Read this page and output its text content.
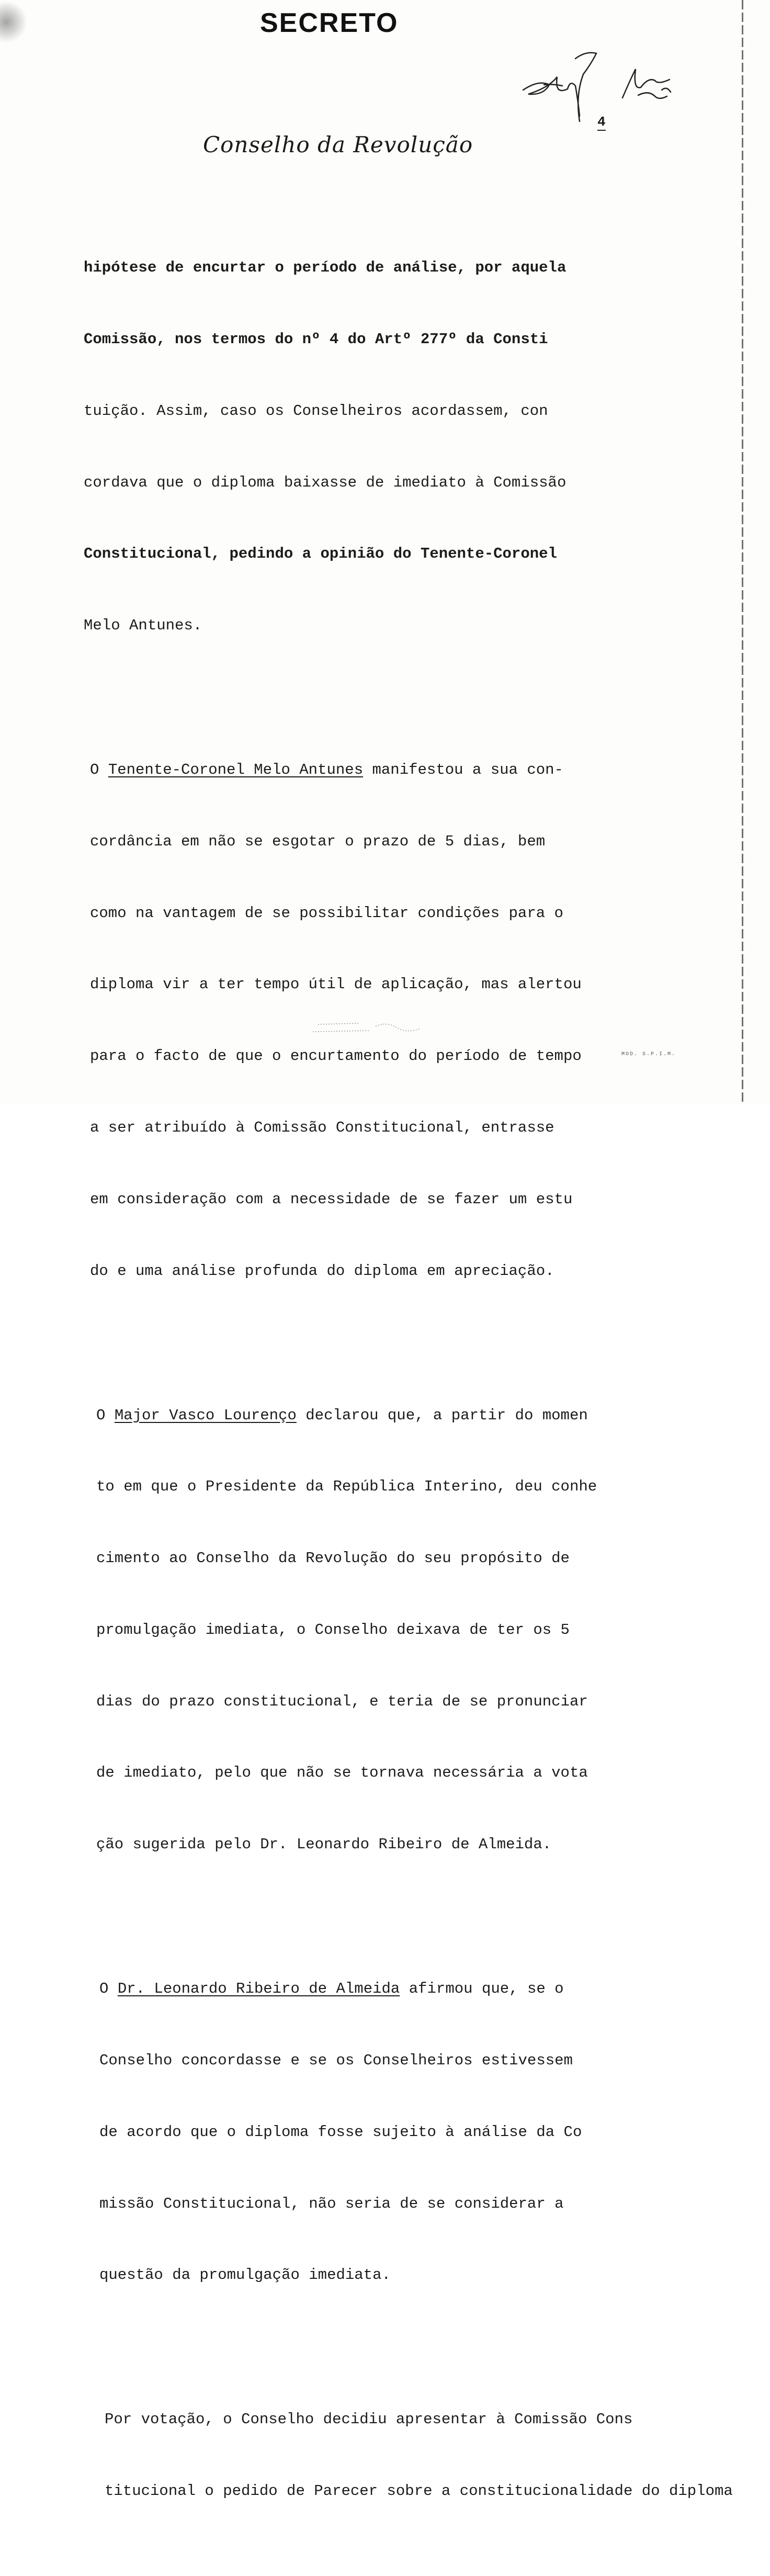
SECRETO
4
Conselho da Revolução

hipótese de encurtar o período de análise, por aquela

Comissão, nos termos do nº 4 do Artº 277º da Consti

tuição. Assim, caso os Conselheiros acordassem, con

cordava que o diploma baixasse de imediato à Comissão

Constitucional, pedindo a opinião do Tenente-Coronel

Melo Antunes.

O Tenente-Coronel Melo Antunes manifestou a sua con-

cordância em não se esgotar o prazo de 5 dias, bem

como na vantagem de se possibilitar condições para o

diploma vir a ter tempo útil de aplicação, mas alertou

para o facto de que o encurtamento do período de tempo

a ser atribuído à Comissão Constitucional, entrasse

em consideração com a necessidade de se fazer um estu

do e uma análise profunda do diploma em apreciação.

O Major Vasco Lourenço declarou que, a partir do momen

to em que o Presidente da República Interino, deu conhe

cimento ao Conselho da Revolução do seu propósito de

promulgação imediata, o Conselho deixava de ter os 5

dias do prazo constitucional, e teria de se pronunciar

de imediato, pelo que não se tornava necessária a vota

ção sugerida pelo Dr. Leonardo Ribeiro de Almeida.

O Dr. Leonardo Ribeiro de Almeida afirmou que, se o

Conselho concordasse e se os Conselheiros estivessem

de acordo que o diploma fosse sujeito à análise da Co

missão Constitucional, não seria de se considerar a

questão da promulgação imediata.

Por votação, o Conselho decidiu apresentar à Comissão Cons

titucional o pedido de Parecer sobre a constitucionalidade do diploma

MOD. S.P.I.M.
